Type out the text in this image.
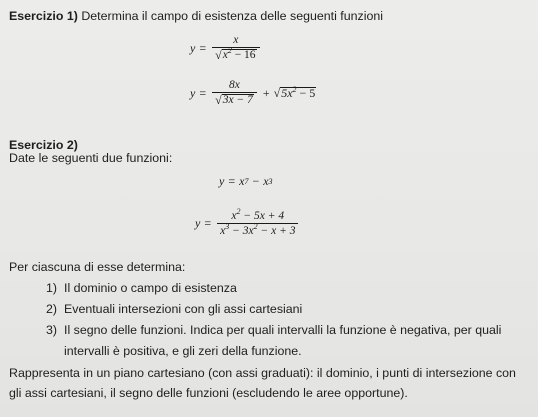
Esercizio 1) Determina il campo di esistenza delle seguenti funzioni
$y = \frac{x}{√ x^2 - 16}$
$y = \frac{8x}{√ 3x - 7}$ + √ $5x^2 - 5$
Esercizio 2)
Date le seguenti due funzioni:
y = x 7 − x 3
$y = \frac{x^2 - 5x + 4}{x^3 - 3x^2 - x + 3}$
Per ciascuna di esse determina:
1) Il dominio o campo di esistenza
2) Eventuali intersezioni con gli assi cartesiani
3) Il segno delle funzioni. Indica per quali intervalli la funzione è negativa, per quali
intervalli è positiva, e gli zeri della funzione.
Rappresenta in un piano cartesiano (con assi graduati): il dominio, i punti di intersezione con
gli assi cartesiani, il segno delle funzioni (escludendo le aree opportune).
